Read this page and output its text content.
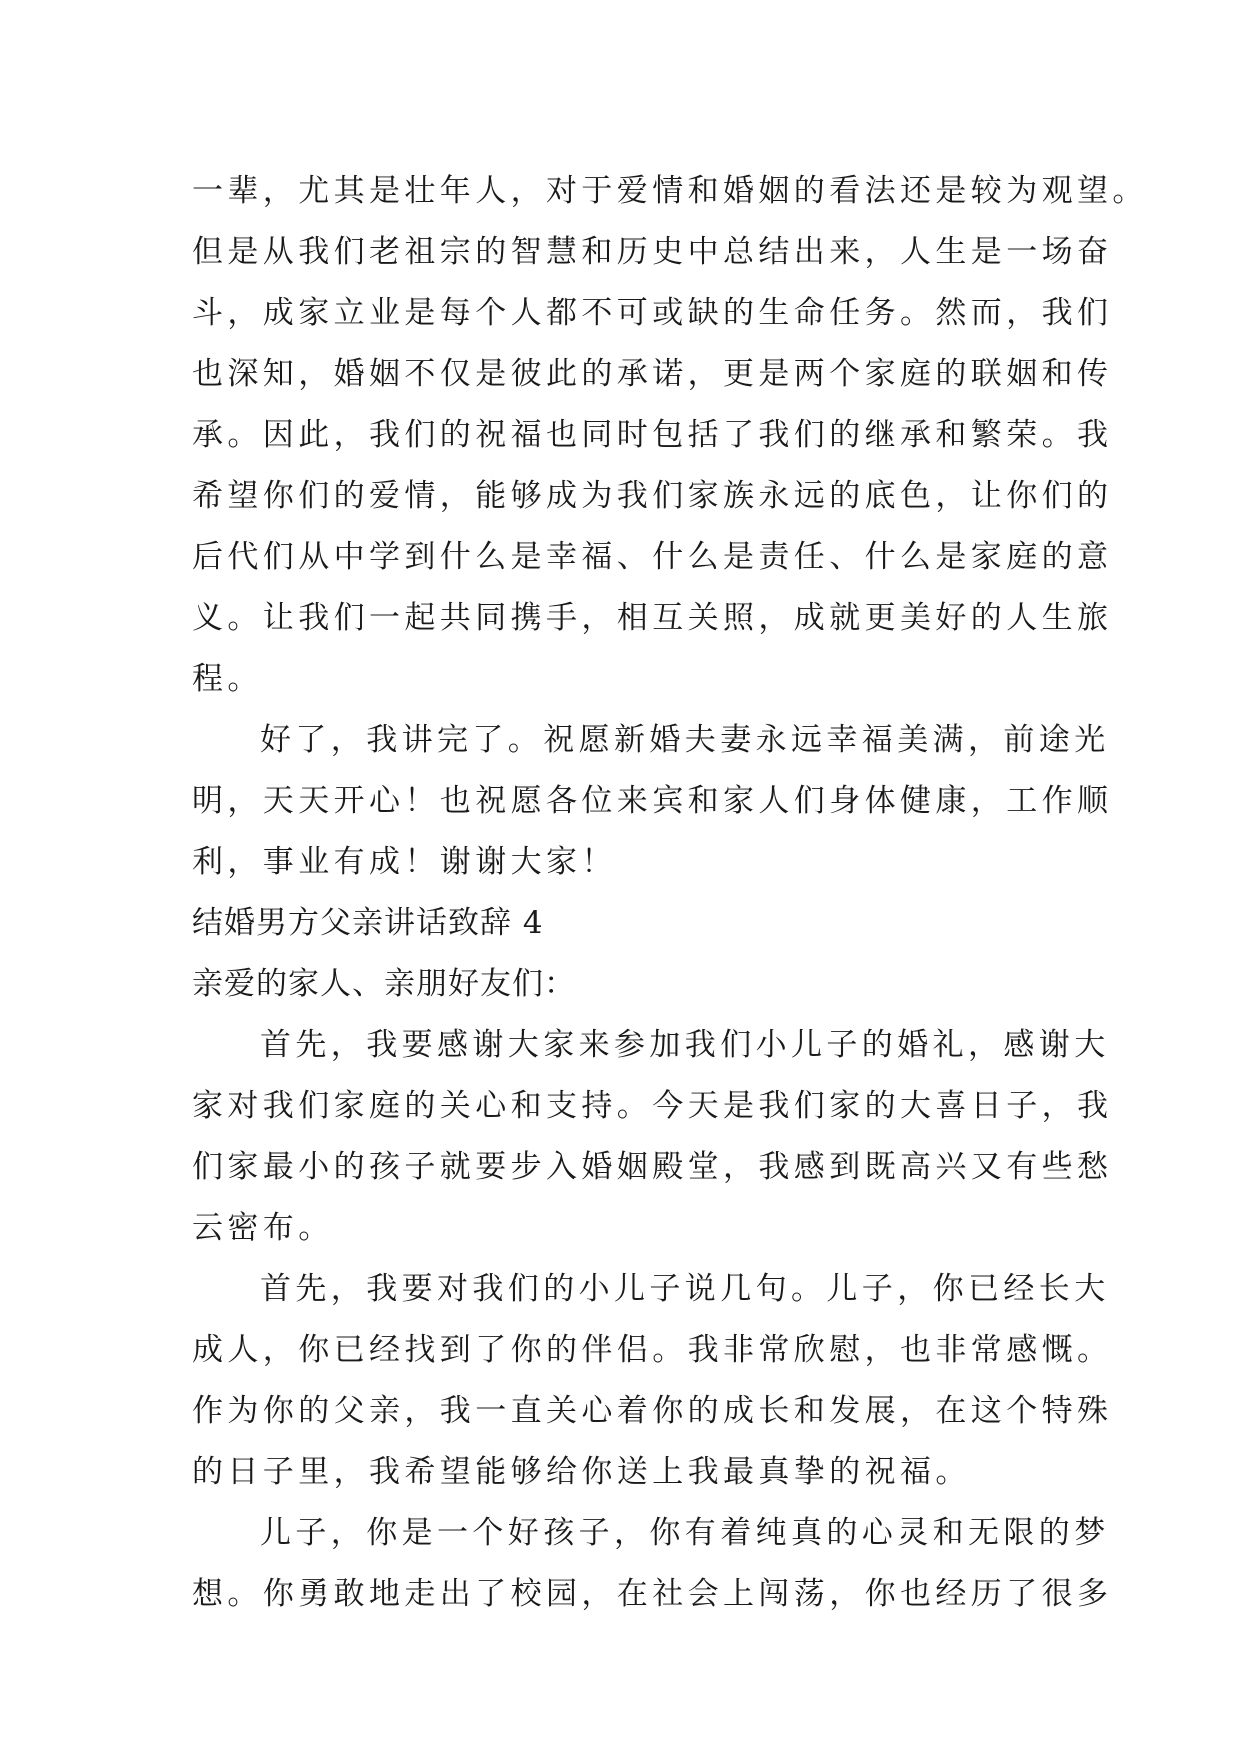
一辈，尤其是壮年人，对于爱情和婚姻的看法还是较为观望。
但是从我们老祖宗的智慧和历史中总结出来，人生是一场奋
斗，成家立业是每个人都不可或缺的生命任务。然而，我们
也深知，婚姻不仅是彼此的承诺，更是两个家庭的联姻和传
承。因此，我们的祝福也同时包括了我们的继承和繁荣。我
希望你们的爱情，能够成为我们家族永远的底色，让你们的
后代们从中学到什么是幸福、什么是责任、什么是家庭的意
义。让我们一起共同携手，相互关照，成就更美好的人生旅
程。
好了，我讲完了。祝愿新婚夫妻永远幸福美满，前途光
明，天天开心！也祝愿各位来宾和家人们身体健康，工作顺
利，事业有成！谢谢大家！
结婚男方父亲讲话致辞 4
亲爱的家人、亲朋好友们：
首先，我要感谢大家来参加我们小儿子的婚礼，感谢大
家对我们家庭的关心和支持。今天是我们家的大喜日子，我
们家最小的孩子就要步入婚姻殿堂，我感到既高兴又有些愁
云密布。
首先，我要对我们的小儿子说几句。儿子，你已经长大
成人，你已经找到了你的伴侣。我非常欣慰，也非常感慨。
作为你的父亲，我一直关心着你的成长和发展，在这个特殊
的日子里，我希望能够给你送上我最真挚的祝福。
儿子，你是一个好孩子，你有着纯真的心灵和无限的梦
想。你勇敢地走出了校园，在社会上闯荡，你也经历了很多
